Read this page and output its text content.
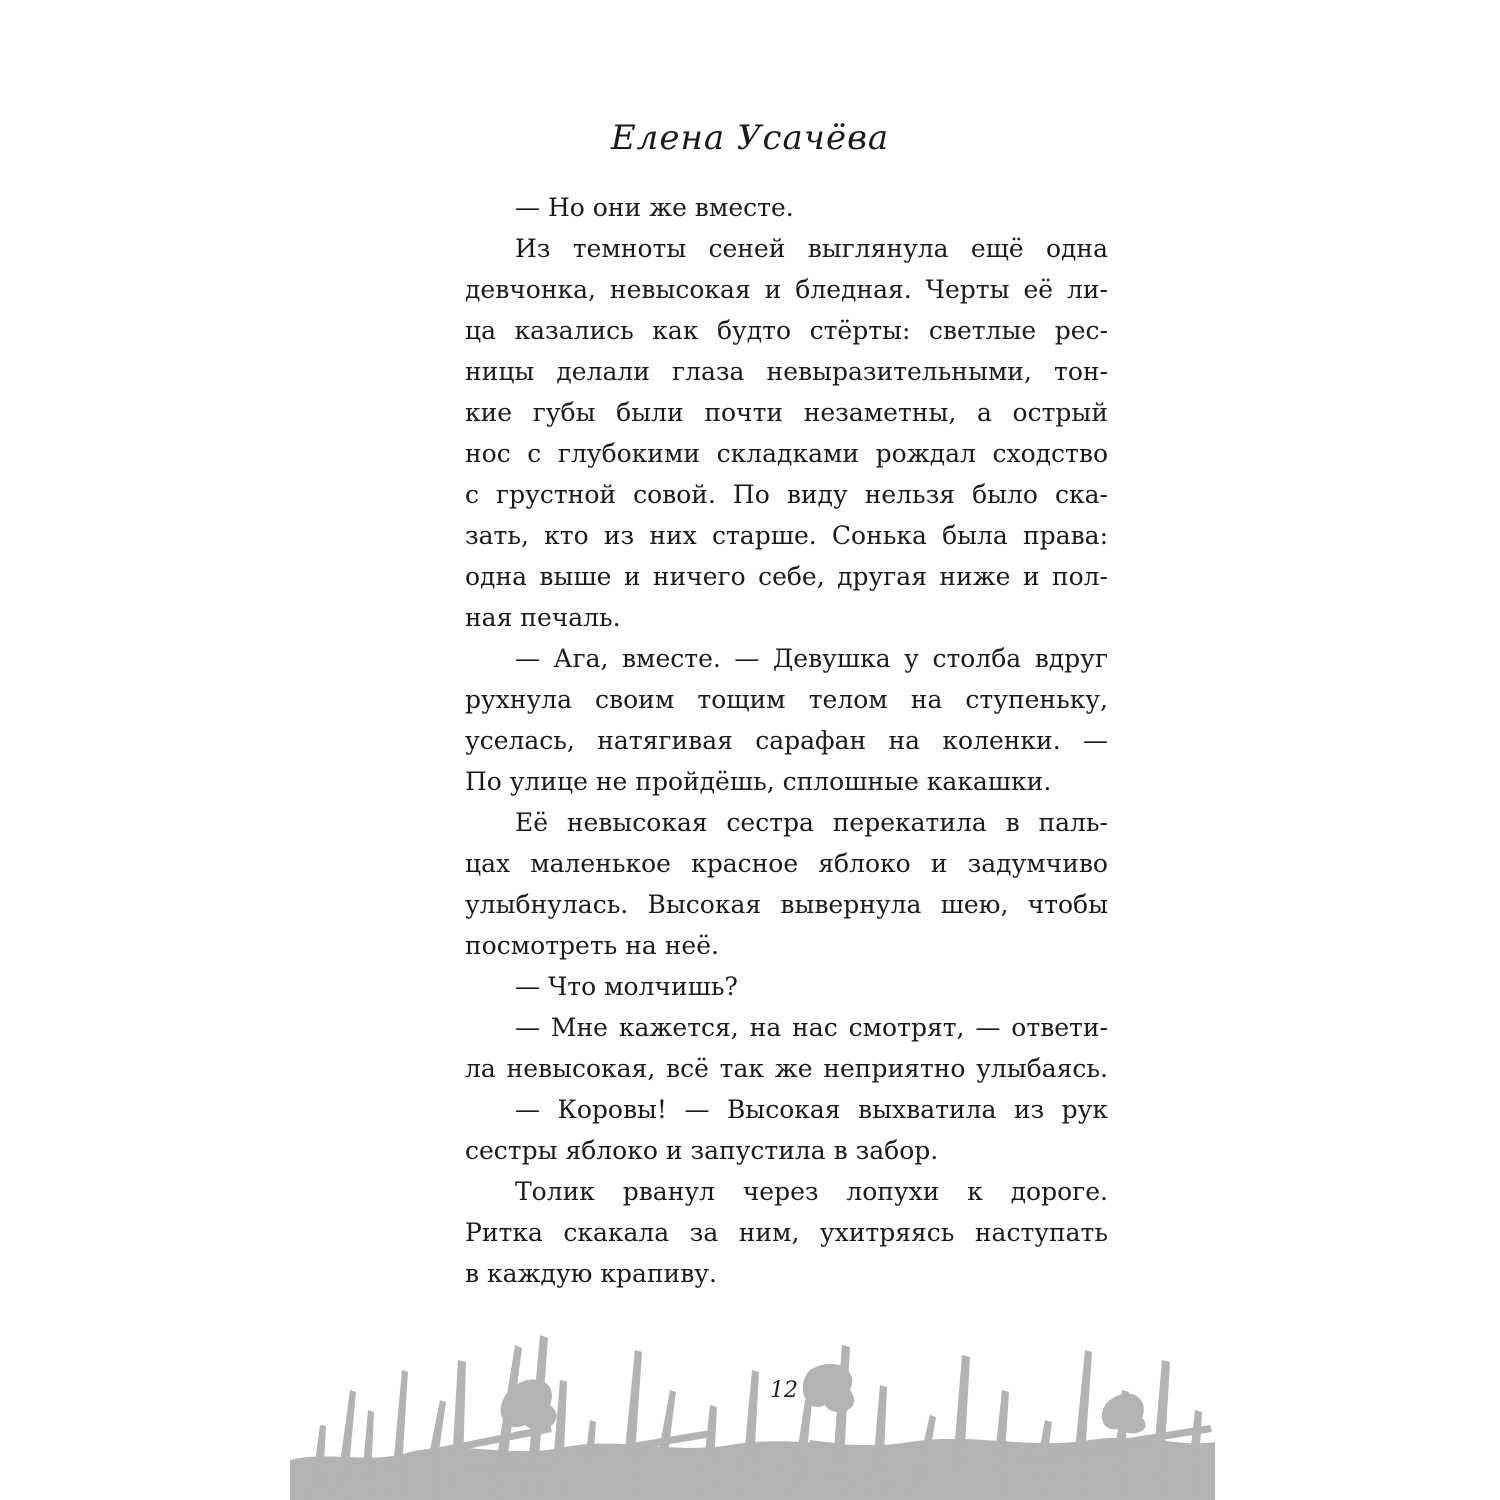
Елена Усачёва
— Но они же вместе.
Из темноты сеней выглянула ещё одна
девчонка, невысокая и бледная. Черты её ли-
ца казались как будто стёрты: светлые рес-
ницы делали глаза невыразительными, тон-
кие губы были почти незаметны, а острый
нос с глубокими складками рождал сходство
с грустной совой. По виду нельзя было ска-
зать, кто из них старше. Сонька была права:
одна выше и ничего себе, другая ниже и пол-
ная печаль.
— Ага, вместе. — Девушка у столба вдруг
рухнула своим тощим телом на ступеньку,
уселась, натягивая сарафан на коленки. —
По улице не пройдёшь, сплошные какашки.
Её невысокая сестра перекатила в паль-
цах маленькое красное яблоко и задумчиво
улыбнулась. Высокая вывернула шею, чтобы
посмотреть на неё.
— Что молчишь?
— Мне кажется, на нас смотрят, — ответи-
ла невысокая, всё так же неприятно улыбаясь.
— Коровы! — Высокая выхватила из рук
сестры яблоко и запустила в забор.
Толик рванул через лопухи к дороге.
Ритка скакала за ним, ухитряясь наступать
в каждую крапиву.
12
